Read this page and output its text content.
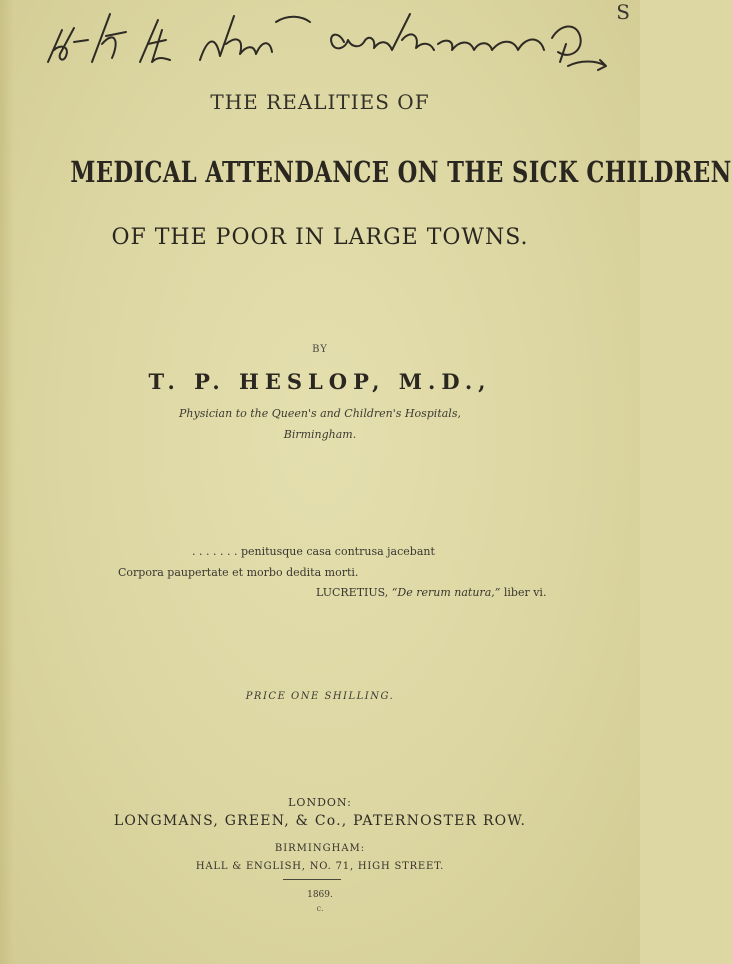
S
THE REALITIES OF
MEDICAL ATTENDANCE ON THE SICK CHILDREN
OF THE POOR IN LARGE TOWNS.
BY
T. P. HESLOP, M.D.,
Physician to the Queen's and Children's Hospitals,
Birmingham.
. . . . . . . penitusque casa contrusa jacebant
Corpora paupertate et morbo dedita morti.
LUCRETIUS, “De rerum natura,” liber vi.
PRICE ONE SHILLING.
LONDON:
LONGMANS, GREEN, & Co., PATERNOSTER ROW.
BIRMINGHAM:
HALL & ENGLISH, NO. 71, HIGH STREET.
1869.
c.
